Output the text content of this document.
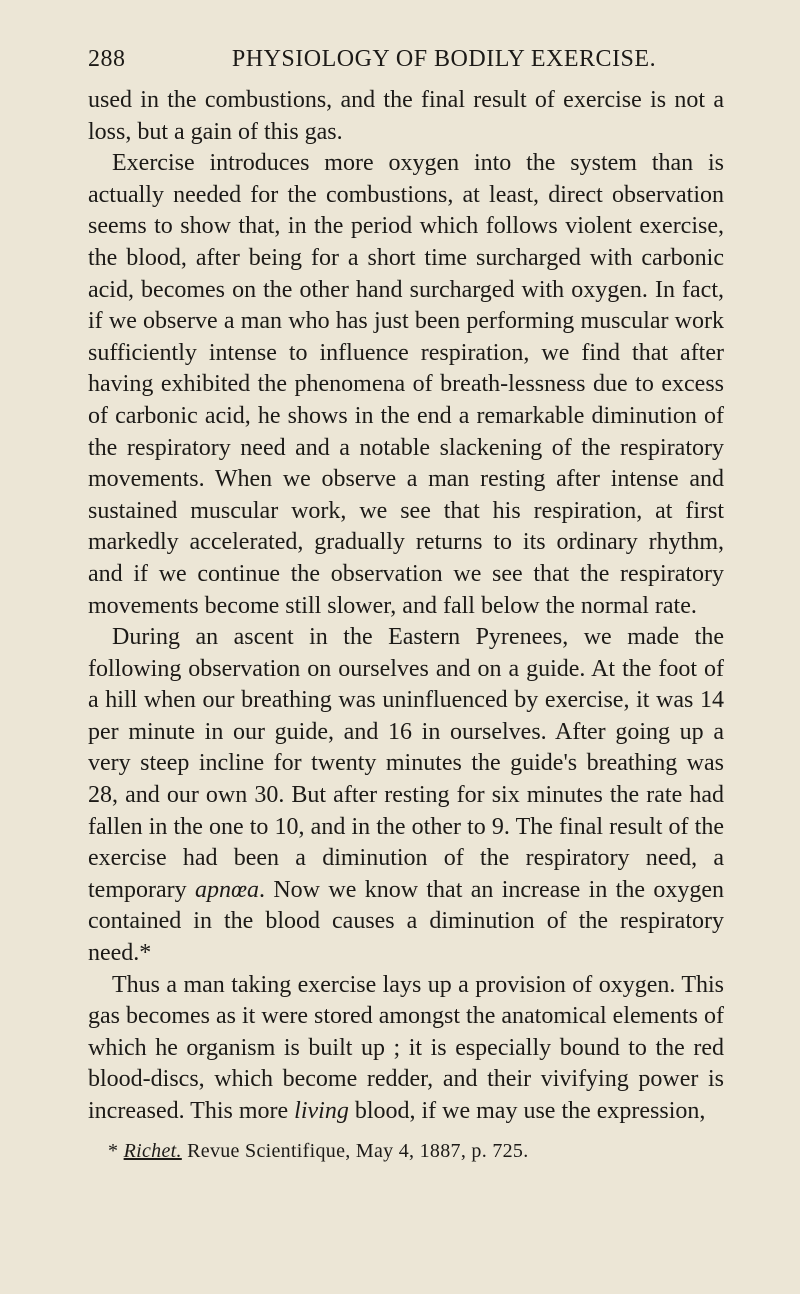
288	PHYSIOLOGY OF BODILY EXERCISE.

used in the combustions, and the final result of exercise is not a loss, but a gain of this gas.

Exercise introduces more oxygen into the system than is actually needed for the combustions, at least, direct observation seems to show that, in the period which follows violent exercise, the blood, after being for a short time surcharged with carbonic acid, becomes on the other hand surcharged with oxygen. In fact, if we observe a man who has just been performing muscular work sufficiently intense to influence respiration, we find that after having exhibited the phenomena of breath-lessness due to excess of carbonic acid, he shows in the end a remarkable diminution of the respiratory need and a notable slackening of the respiratory movements. When we observe a man resting after intense and sustained muscular work, we see that his respiration, at first markedly accelerated, gradually returns to its ordinary rhythm, and if we continue the observation we see that the respiratory movements become still slower, and fall below the normal rate.

During an ascent in the Eastern Pyrenees, we made the following observation on ourselves and on a guide. At the foot of a hill when our breathing was uninfluenced by exercise, it was 14 per minute in our guide, and 16 in ourselves. After going up a very steep incline for twenty minutes the guide's breathing was 28, and our own 30. But after resting for six minutes the rate had fallen in the one to 10, and in the other to 9. The final result of the exercise had been a diminution of the respiratory need, a temporary apnœa. Now we know that an increase in the oxygen contained in the blood causes a diminution of the respiratory need.*

Thus a man taking exercise lays up a provision of oxygen. This gas becomes as it were stored amongst the anatomical elements of which he organism is built up ; it is especially bound to the red blood-discs, which become redder, and their vivifying power is increased. This more living blood, if we may use the expression,

* Richet. Revue Scientifique, May 4, 1887, p. 725.
